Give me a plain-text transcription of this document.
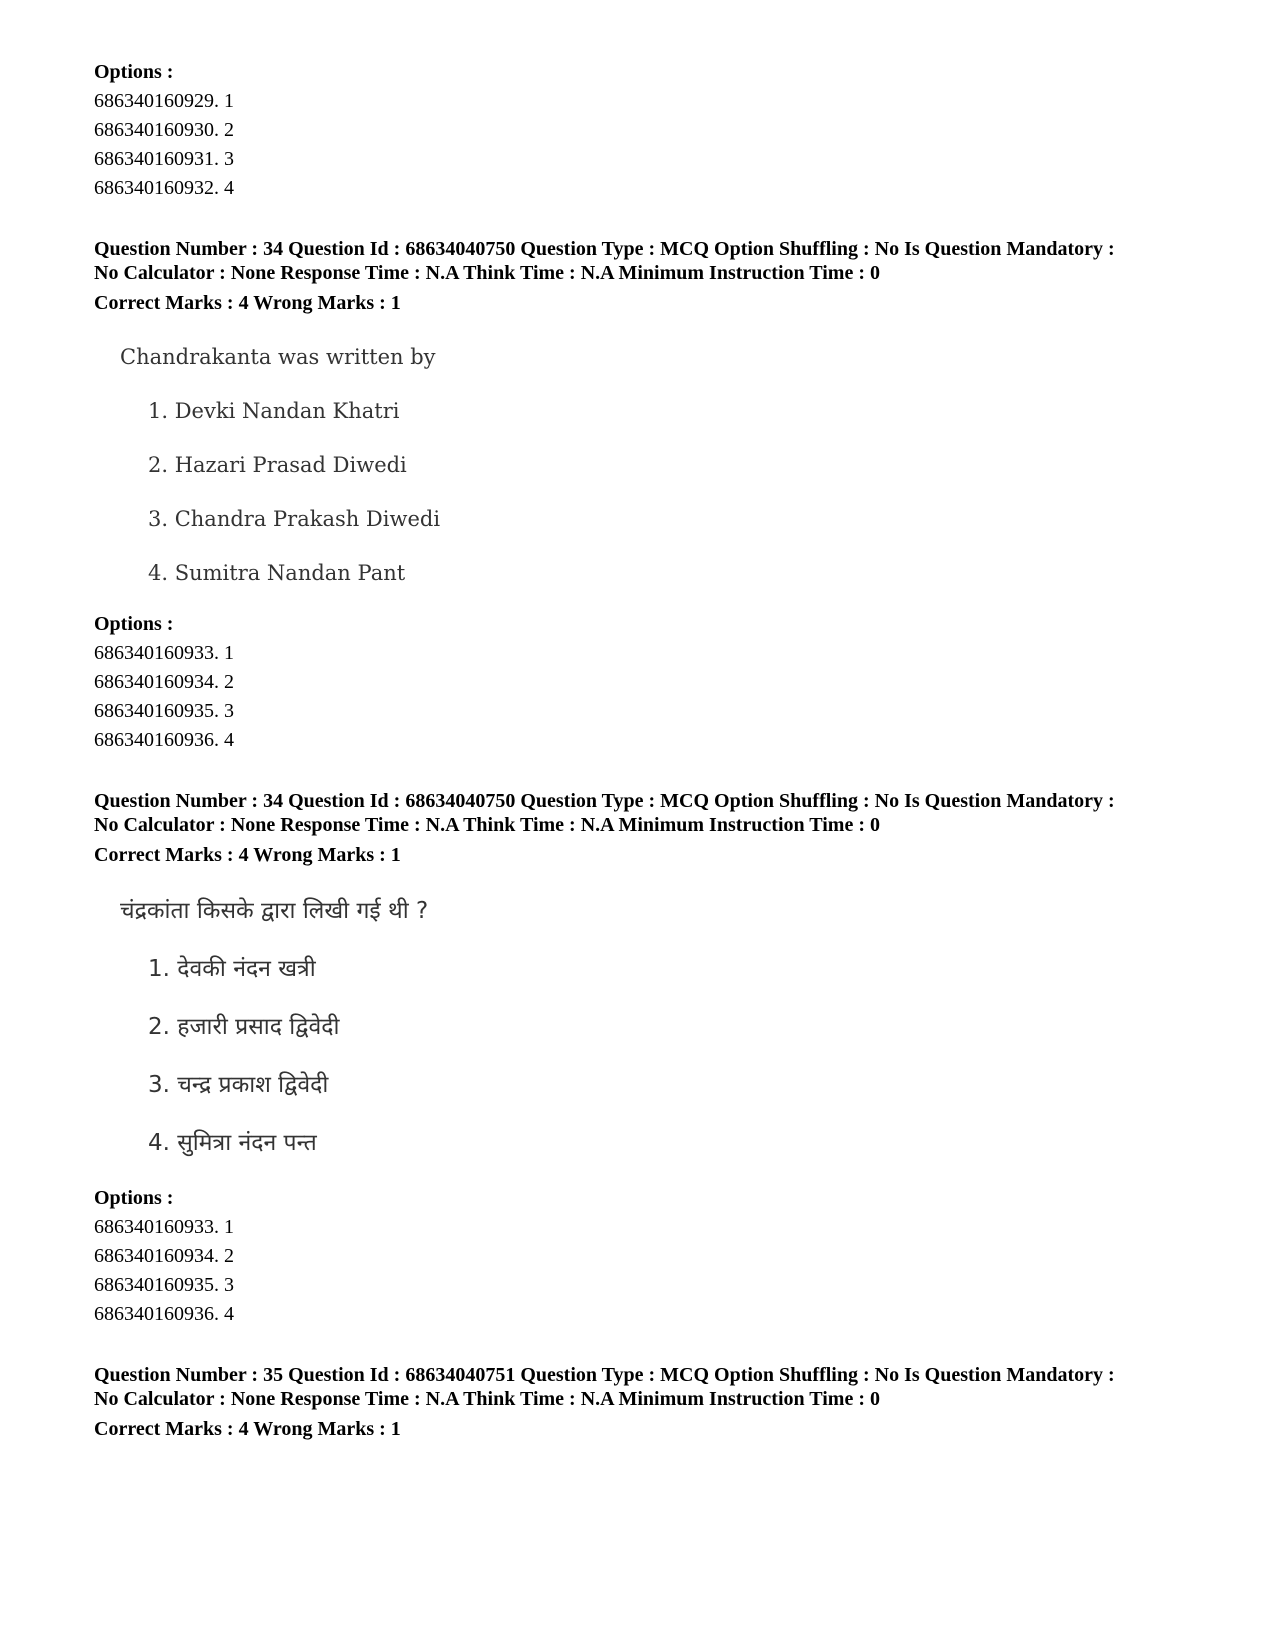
Options :

686340160929. 1

686340160930. 2

686340160931. 3

686340160932. 4

Question Number : 34 Question Id : 68634040750 Question Type : MCQ Option Shuffling : No Is Question Mandatory :

No Calculator : None Response Time : N.A Think Time : N.A Minimum Instruction Time : 0

Correct Marks : 4 Wrong Marks : 1

Chandrakanta was written by

1. Devki Nandan Khatri

2. Hazari Prasad Diwedi

3. Chandra Prakash Diwedi

4. Sumitra Nandan Pant

Options :

686340160933. 1

686340160934. 2

686340160935. 3

686340160936. 4

Question Number : 34 Question Id : 68634040750 Question Type : MCQ Option Shuffling : No Is Question Mandatory :

No Calculator : None Response Time : N.A Think Time : N.A Minimum Instruction Time : 0

Correct Marks : 4 Wrong Marks : 1

चंद्रकांता किसके द्वारा लिखी गई थी ?

1. देवकी नंदन खत्री

2. हजारी प्रसाद द्विवेदी

3. चन्द्र प्रकाश द्विवेदी

4. सुमित्रा नंदन पन्त

Options :

686340160933. 1

686340160934. 2

686340160935. 3

686340160936. 4

Question Number : 35 Question Id : 68634040751 Question Type : MCQ Option Shuffling : No Is Question Mandatory :

No Calculator : None Response Time : N.A Think Time : N.A Minimum Instruction Time : 0

Correct Marks : 4 Wrong Marks : 1
